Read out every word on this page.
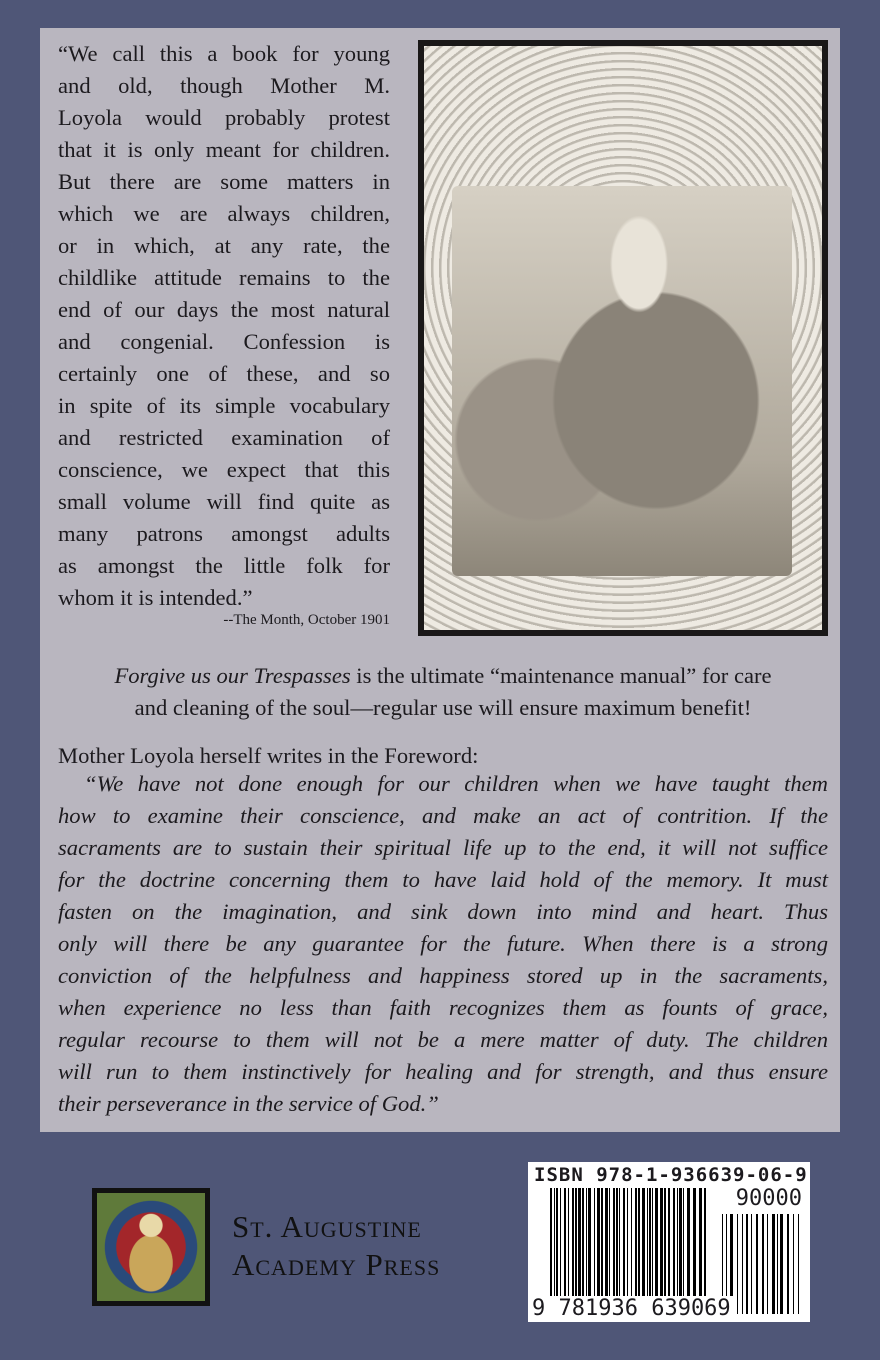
“We call this a book for young
and old, though Mother M.
Loyola would probably protest
that it is only meant for children.
But there are some matters in
which we are always children,
or in which, at any rate, the
childlike attitude remains to the
end of our days the most natural
and congenial. Confession is
certainly one of these, and so
in spite of its simple vocabulary
and restricted examination of
conscience, we expect that this
small volume will find quite as
many patrons amongst adults
as amongst the little folk for
whom it is intended.”
--The Month, October 1901
Forgive us our Trespasses is the ultimate “maintenance manual” for care
and cleaning of the soul—regular use will ensure maximum benefit!
Mother Loyola herself writes in the Foreword:
“We have not done enough for our children when we have taught them
how to examine their conscience, and make an act of contrition. If the
sacraments are to sustain their spiritual life up to the end, it will not suffice
for the doctrine concerning them to have laid hold of the memory. It must
fasten on the imagination, and sink down into mind and heart. Thus
only will there be any guarantee for the future. When there is a strong
conviction of the helpfulness and happiness stored up in the sacraments,
when experience no less than faith recognizes them as founts of grace,
regular recourse to them will not be a mere matter of duty. The children
will run to them instinctively for healing and for strength, and thus ensure
their perseverance in the service of God.”
St. Augustine
Academy Press
ISBN 978-1-936639-06-9
90000
9 781936 639069
